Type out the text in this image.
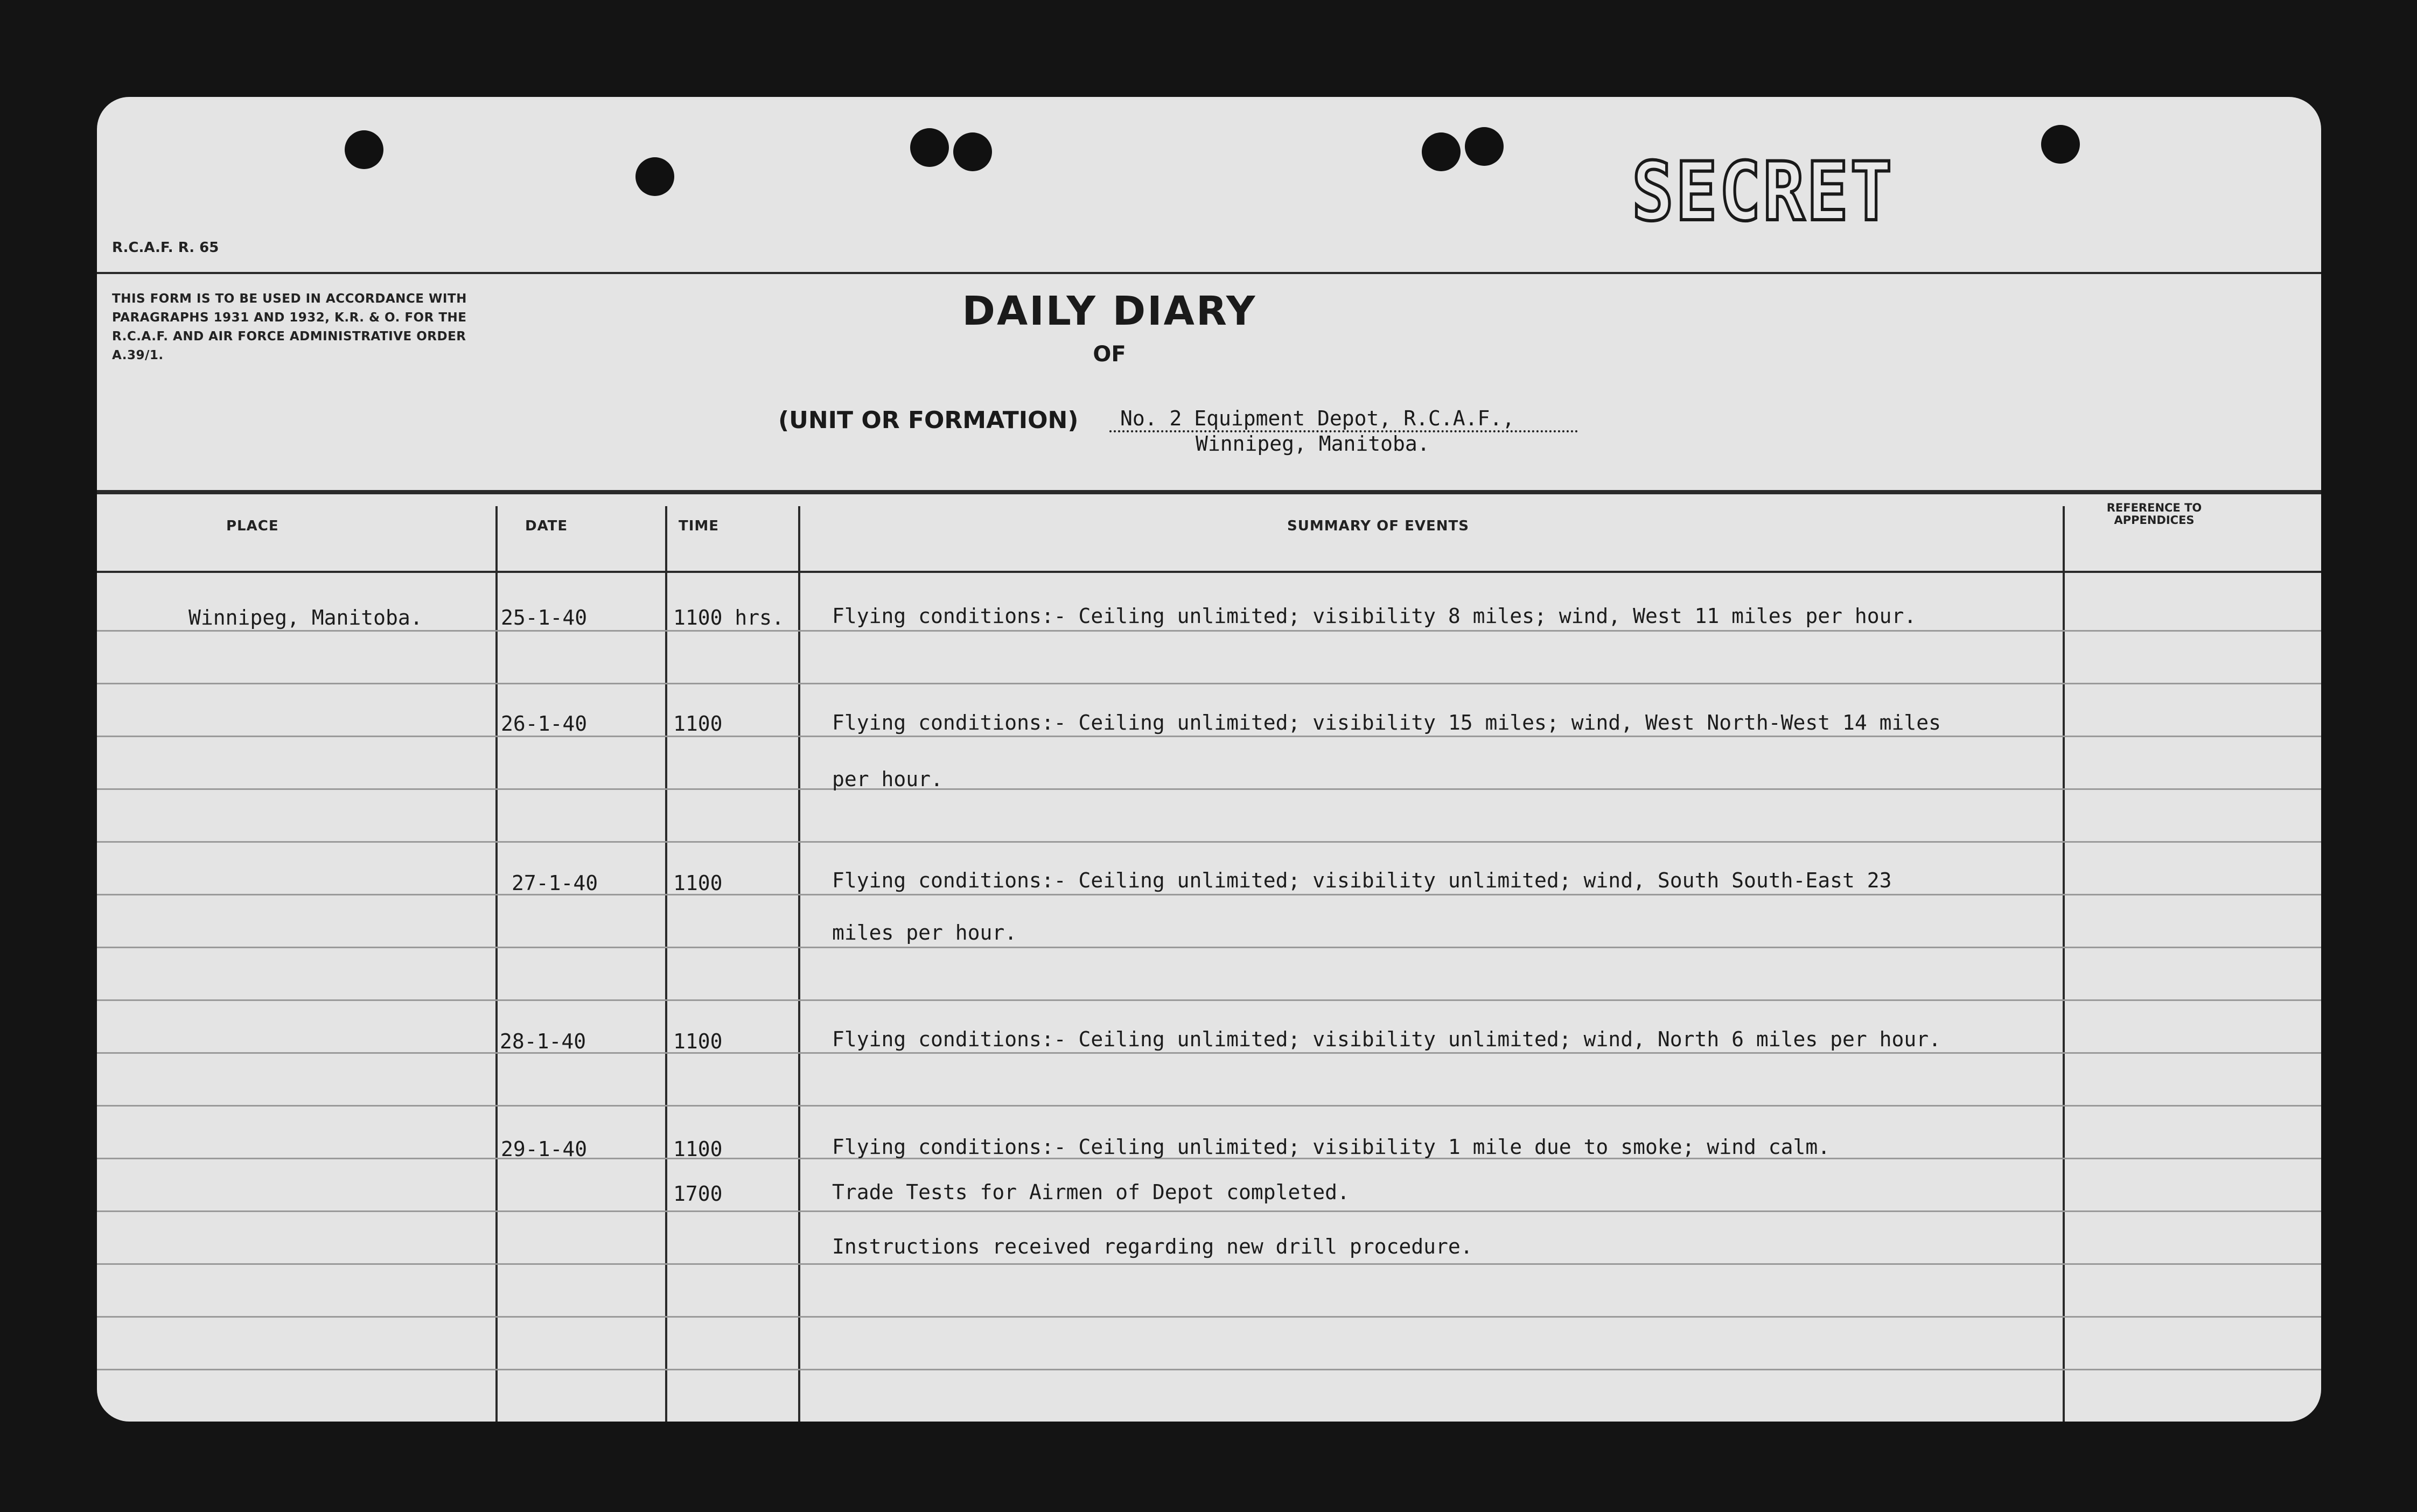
SECRET
R.C.A.F. R. 65
THIS FORM IS TO BE USED IN ACCORDANCE WITH PARAGRAPHS 1931 AND 1932, K.R. & O. FOR THE R.C.A.F. AND AIR FORCE ADMINISTRATIVE ORDER A.39/1.
DAILY DIARY
OF
(UNIT OR FORMATION)	No. 2 Equipment Depot, R.C.A.F.,
Winnipeg, Manitoba.
PLACE	DATE	TIME	SUMMARY OF EVENTS
REFERENCE TO APPENDICES
Winnipeg, Manitoba.	25-1-40	1100 hrs. Flying conditions:- Ceiling unlimited; visibility 8 miles; wind, West 11 miles per hour.
26-1-40	1100	Flying conditions:- Ceiling unlimited; visibility 15 miles; wind, West North-West 14 miles
per hour.
27-1-40	1100	Flying conditions:- Ceiling unlimited; visibility unlimited; wind, South South-East 23
miles per hour.
28-1-40	1100	Flying conditions:- Ceiling unlimited; visibility unlimited; wind, North 6 miles per hour.
29-1-40	1100	Flying conditions:- Ceiling unlimited; visibility 1 mile due to smoke; wind calm.
1700	Trade Tests for Airmen of Depot completed.
Instructions received regarding new drill procedure.
